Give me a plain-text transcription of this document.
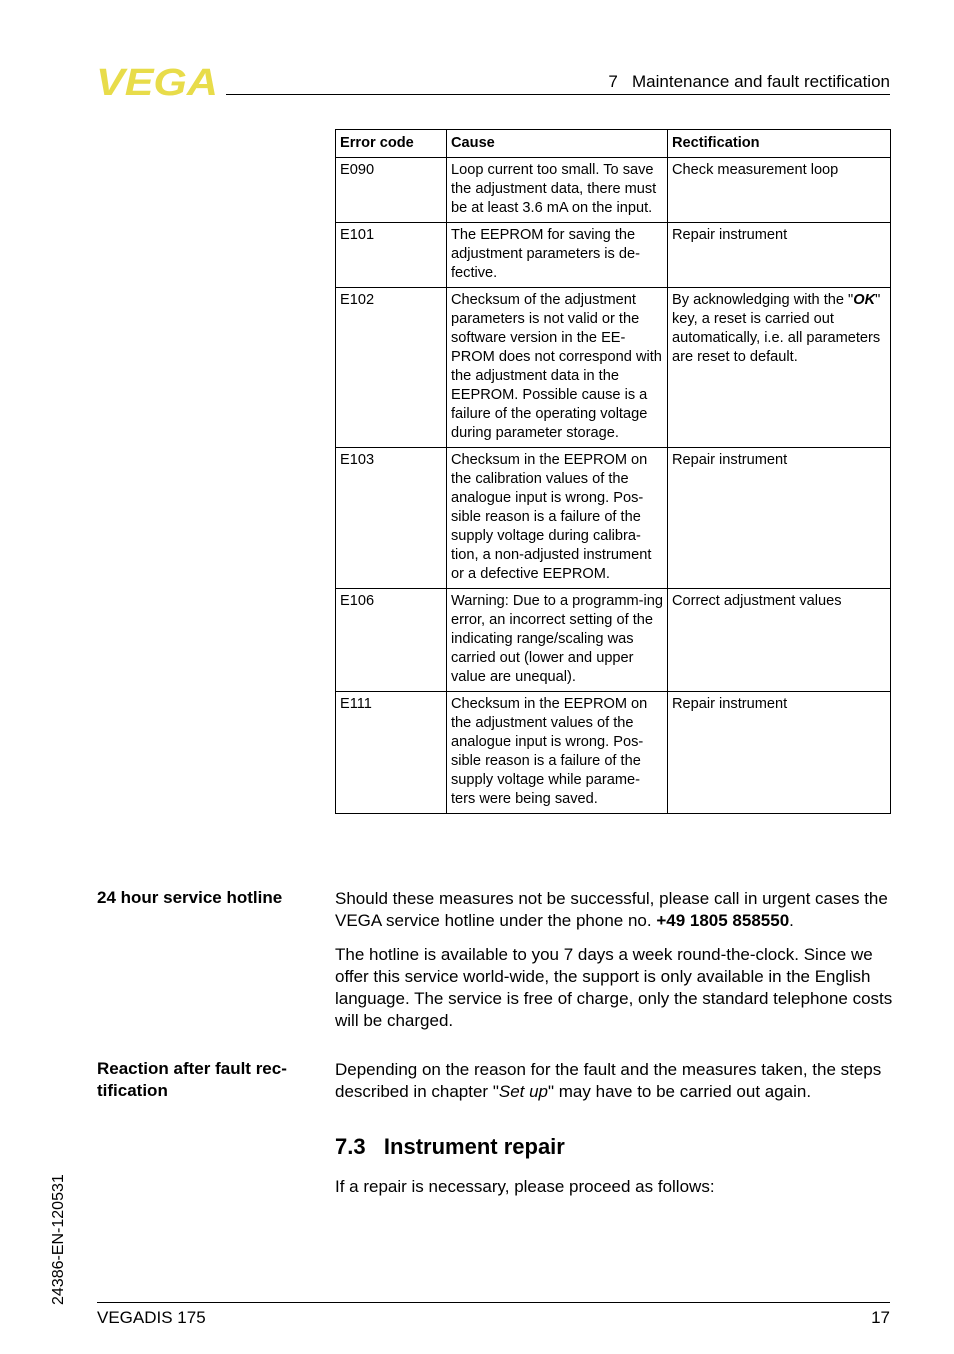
VEGA	7   Maintenance and fault rectification
Error code	Cause	Rectification
E090	Loop current too small. To save the adjustment data, there must be at least 3.6 mA on the input.	Check measurement loop
E101	The EEPROM for saving the adjustment parameters is de-fective.	Repair instrument
E102	Checksum of the adjustment parameters is not valid or the software version in the EE-PROM does not correspond with the adjustment data in the EEPROM. Possible cause is a failure of the operating voltage during parameter storage.	By acknowledging with the "OK" key, a reset is carried out automatically, i.e. all parameters are reset to default.
E103	Checksum in the EEPROM on the calibration values of the analogue input is wrong. Pos-sible reason is a failure of the supply voltage during calibra-tion, a non-adjusted instrument or a defective EEPROM.	Repair instrument
E106	Warning: Due to a programm-ing error, an incorrect setting of the indicating range/scaling was carried out (lower and upper value are unequal).	Correct adjustment values
E111	Checksum in the EEPROM on the adjustment values of the analogue input is wrong. Pos-sible reason is a failure of the supply voltage while parame-ters were being saved.	Repair instrument
24 hour service hotline	Should these measures not be successful, please call in urgent cases the VEGA service hotline under the phone no. +49 1805 858550.
The hotline is available to you 7 days a week round-the-clock. Since we offer this service world-wide, the support is only available in the English language. The service is free of charge, only the standard telephone costs will be charged.
Reaction after fault rec-tification
Depending on the reason for the fault and the measures taken, the steps described in chapter "Set up" may have to be carried out again.
7.3   Instrument repair
If a repair is necessary, please proceed as follows:
24386-EN-120531
VEGADIS 175	17
